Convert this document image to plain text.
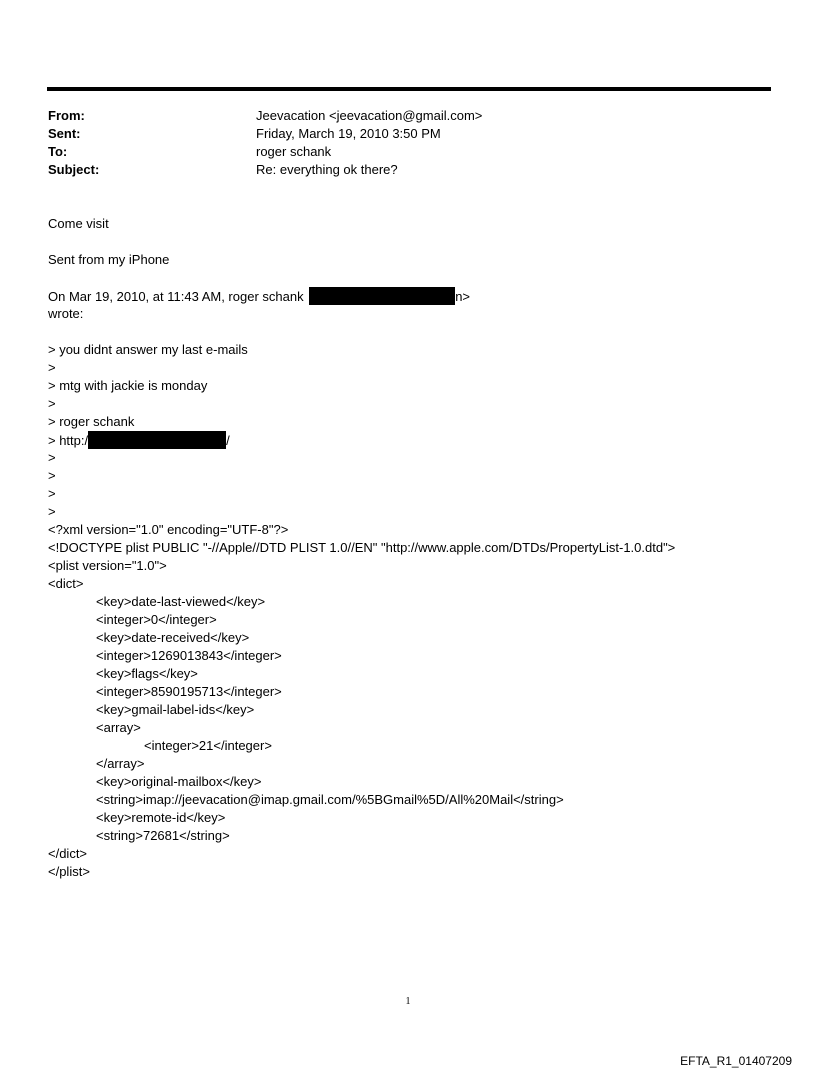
From:	Jeevacation <jeevacation@gmail.com>
Sent:	Friday, March 19, 2010 3:50 PM
To:	roger schank
Subject:	Re: everything ok there?
Come visit
Sent from my iPhone
On Mar 19, 2010, at 11:43 AM, roger schank	n>
wrote:
> you didnt answer my last e-mails
>
> mtg with jackie is monday
>
> roger schank
> http:/	/
>
>
>
>
<?xml version="1.0" encoding="UTF-8"?>
<!DOCTYPE plist PUBLIC "-//Apple//DTD PLIST 1.0//EN" "http://www.apple.com/DTDs/PropertyList-1.0.dtd">
<plist version="1.0">
<dict>
<key>date-last-viewed</key>
<integer>0</integer>
<key>date-received</key>
<integer>1269013843</integer>
<key>flags</key>
<integer>8590195713</integer>
<key>gmail-label-ids</key>
<array>
<integer>21</integer>
</array>
<key>original-mailbox</key>
<string>imap://jeevacation@imap.gmail.com/%5BGmail%5D/All%20Mail</string>
<key>remote-id</key>
<string>72681</string>
</dict>
</plist>
1
EFTA_R1_01407209
